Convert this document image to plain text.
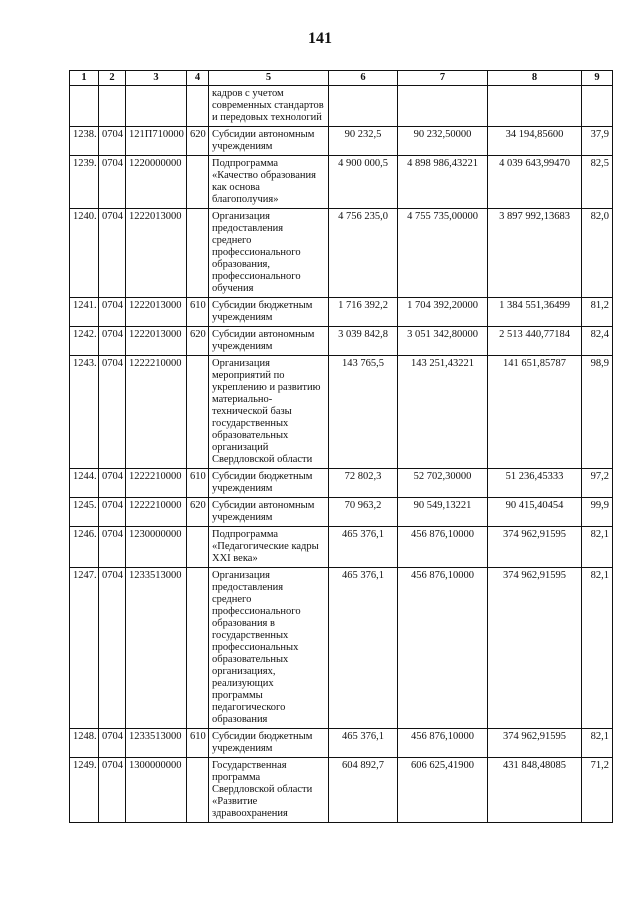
141
1	2	3	4	5	6	7	8	9
				кадров с учетом современных стандартов и передовых технологий				
1238.	0704	121П710000	620	Субсидии автономным учреждениям	90 232,5	90 232,50000	34 194,85600	37,9
1239.	0704	1220000000		Подпрограмма «Качество образования как основа благополучия»	4 900 000,5	4 898 986,43221	4 039 643,99470	82,5
1240.	0704	1222013000		Организация предоставления среднего профессионального образования, профессионального обучения	4 756 235,0	4 755 735,00000	3 897 992,13683	82,0
1241.	0704	1222013000	610	Субсидии бюджетным учреждениям	1 716 392,2	1 704 392,20000	1 384 551,36499	81,2
1242.	0704	1222013000	620	Субсидии автономным учреждениям	3 039 842,8	3 051 342,80000	2 513 440,77184	82,4
1243.	0704	1222210000		Организация мероприятий по укреплению и развитию материально- технической базы государственных образовательных организаций Свердловской области	143 765,5	143 251,43221	141 651,85787	98,9
1244.	0704	1222210000	610	Субсидии бюджетным учреждениям	72 802,3	52 702,30000	51 236,45333	97,2
1245.	0704	1222210000	620	Субсидии автономным учреждениям	70 963,2	90 549,13221	90 415,40454	99,9
1246.	0704	1230000000		Подпрограмма «Педагогические кадры XXI века»	465 376,1	456 876,10000	374 962,91595	82,1
1247.	0704	1233513000		Организация предоставления среднего профессионального образования в государственных профессиональных образовательных организациях, реализующих программы педагогического образования	465 376,1	456 876,10000	374 962,91595	82,1
1248.	0704	1233513000	610	Субсидии бюджетным учреждениям	465 376,1	456 876,10000	374 962,91595	82,1
1249.	0704	1300000000		Государственная программа Свердловской области «Развитие здравоохранения	604 892,7	606 625,41900	431 848,48085	71,2
